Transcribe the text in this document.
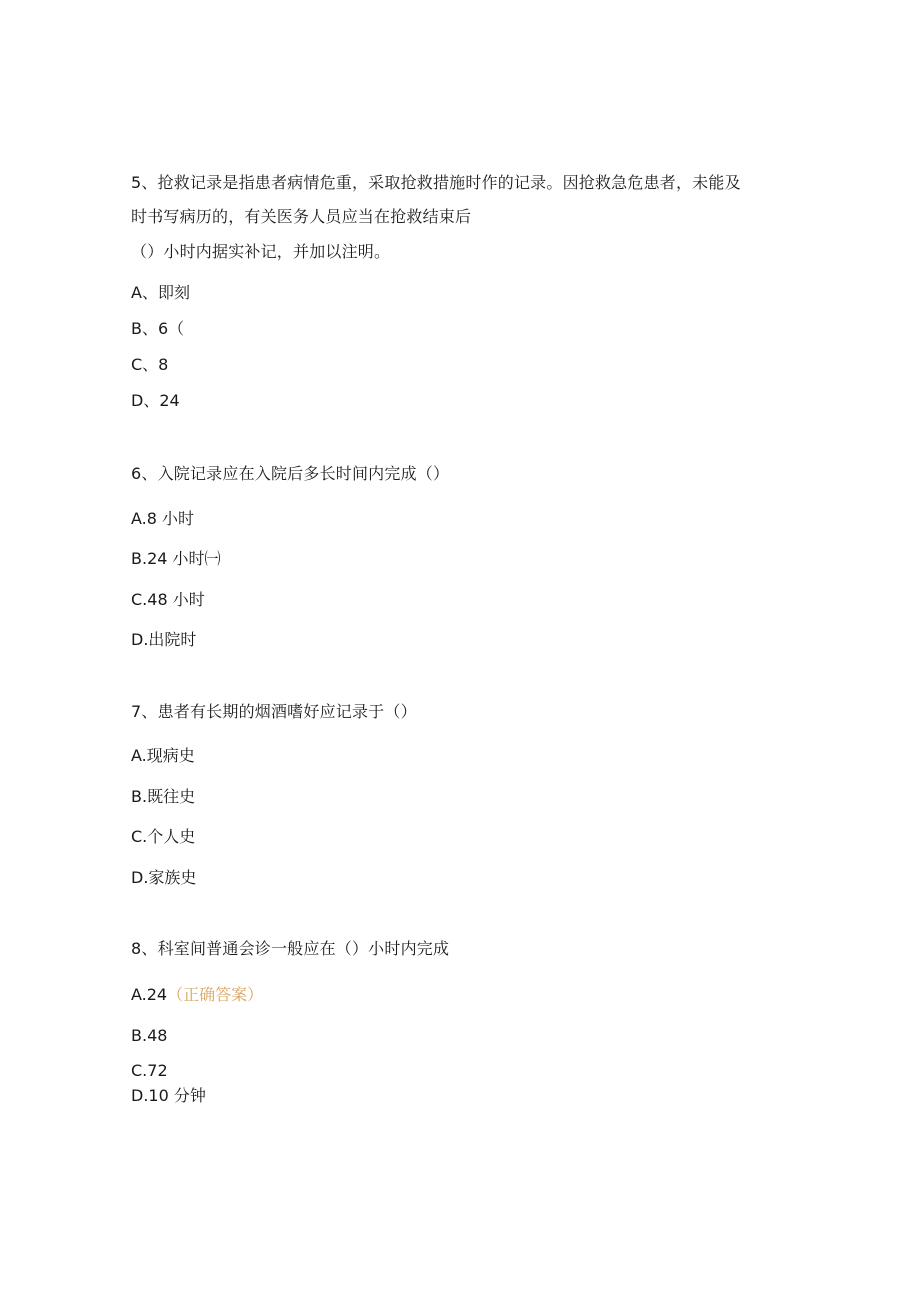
5、抢救记录是指患者病情危重，采取抢救措施时作的记录。因抢救急危患者，未能及
时书写病历的，有关医务人员应当在抢救结束后
（）小时内据实补记，并加以注明。
A、即刻
B、6（
C、8
D、24
6、入院记录应在入院后多长时间内完成（）
A.8 小时
B.24 小时㈠
C.48 小时
D.出院时
7、患者有长期的烟酒嗜好应记录于（）
A.现病史
B.既往史
C.个人史
D.家族史
8、科室间普通会诊一般应在（）小时内完成
A.24（正确答案）
B.48
C.72
D.10 分钟
